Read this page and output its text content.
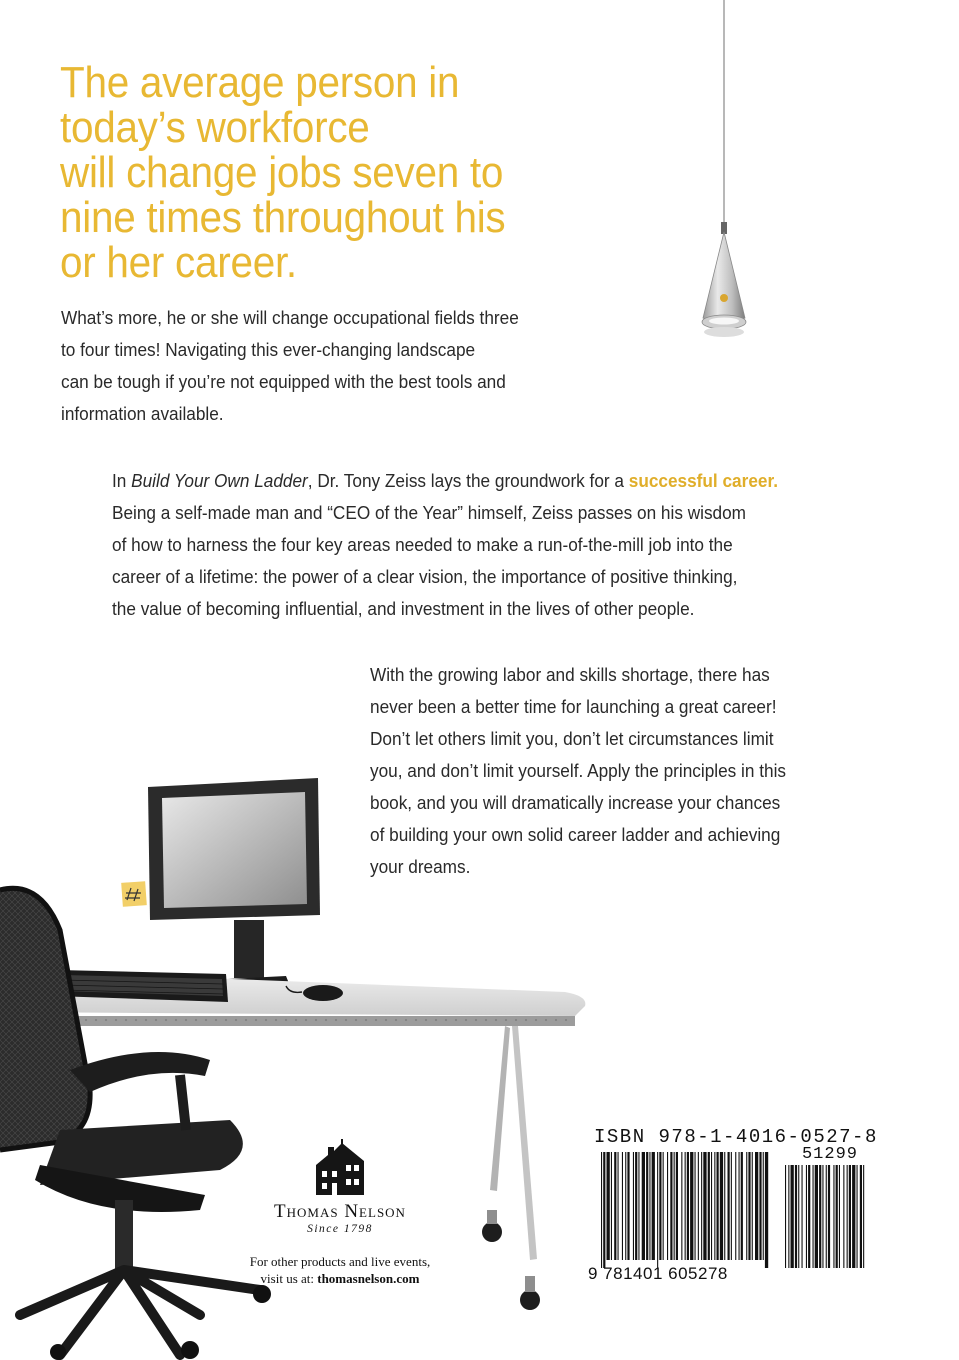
The average person in
today’s workforce
will change jobs seven to
nine times throughout his
or her career.

What’s more, he or she will change occupational fields three
to four times! Navigating this ever-changing landscape
can be tough if you’re not equipped with the best tools and
information available.

In Build Your Own Ladder, Dr. Tony Zeiss lays the groundwork for a successful career.
Being a self-made man and “CEO of the Year” himself, Zeiss passes on his wisdom
of how to harness the four key areas needed to make a run-of-the-mill job into the
career of a lifetime: the power of a clear vision, the importance of positive thinking,
the value of becoming influential, and investment in the lives of other people.

With the growing labor and skills shortage, there has
never been a better time for launching a great career!
Don’t let others limit you, don’t let circumstances limit
you, and don’t limit yourself. Apply the principles in this
book, and you will dramatically increase your chances
of building your own solid career ladder and achieving
your dreams.

Thomas Nelson
Since 1798
For other products and live events,
visit us at: thomasnelson.com
ISBN 978-1-4016-0527-8
51299
9 781401 605278
